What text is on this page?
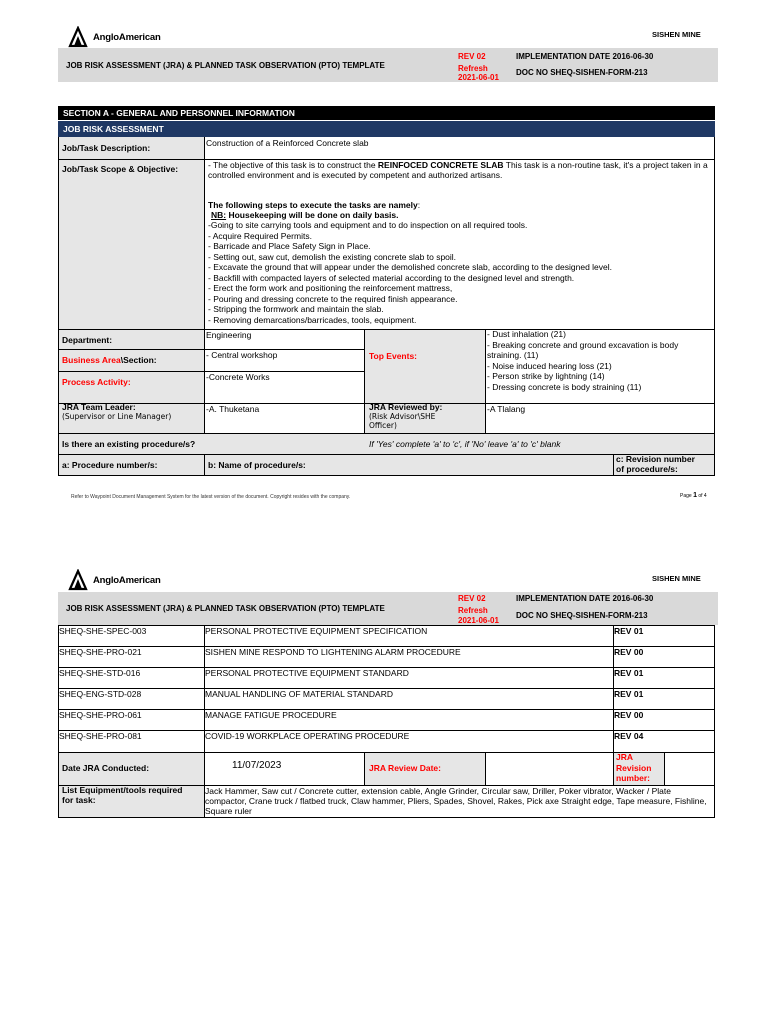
AngloAmerican	SISHEN MINE
JOB RISK ASSESSMENT (JRA) & PLANNED TASK OBSERVATION (PTO) TEMPLATE
REV 02
Refresh
2021-06-01
IMPLEMENTATION DATE 2016-06-30
DOC NO SHEQ-SISHEN-FORM-213
SECTION A - GENERAL AND PERSONNEL INFORMATION
JOB RISK ASSESSMENT
Job/Task Description:	Construction of a Reinforced Concrete slab
Job/Task Scope & Objective:	- The objective of this task is to construct the REINFOCED CONCRETE SLAB This task is a non-routine task, it's a project taken in a controlled environment and is executed by competent and authorized artisans.
The following steps to execute the tasks are namely:
NB: Housekeeping will be done on daily basis.
-Going to site carrying tools and equipment and to do inspection on all required tools.
- Acquire Required Permits.
- Barricade and Place Safety Sign in Place.
- Setting out, saw cut, demolish the existing concrete slab to spoil.
- Excavate the ground that will appear under the demolished concrete slab, according to the designed level.
- Backfill with compacted layers of selected material according to the designed level and strength.
- Erect the form work and positioning the reinforcement mattress,
- Pouring and dressing concrete to the required finish appearance.
- Stripping the formwork and maintain the slab.
- Removing demarcations/barricades, tools, equipment.
Department:	Engineering
Business Area\Section:	- Central workshop
Process Activity:	-Concrete Works
Top Events:
- Dust inhalation (21)
- Breaking concrete and ground excavation is body straining. (11)
- Noise induced hearing loss (21)
- Person strike by lightning (14)
- Dressing concrete is body straining (11)
JRA Team Leader:
(Supervisor or Line Manager)
-A. Thuketana	JRA Reviewed by:
(Risk Advisor\SHE
Officer)
-A Tlalang
Is there an existing procedure/s?	If 'Yes' complete 'a' to 'c', if 'No' leave 'a' to 'c' blank
a: Procedure number/s:	b: Name of procedure/s:
c: Revision number
of procedure/s:
Refer to Waypoint Document Management System for the latest version of the document. Copyright resides with the company.	Page 1 of 4
AngloAmerican	SISHEN MINE
JOB RISK ASSESSMENT (JRA) & PLANNED TASK OBSERVATION (PTO) TEMPLATE
REV 02
Refresh
2021-06-01
IMPLEMENTATION DATE 2016-06-30
DOC NO SHEQ-SISHEN-FORM-213
SHEQ-SHE-SPEC-003	PERSONAL PROTECTIVE EQUIPMENT SPECIFICATION	REV 01
SHEQ-SHE-PRO-021	SISHEN MINE RESPOND TO LIGHTENING ALARM PROCEDURE	REV 00
SHEQ-SHE-STD-016	PERSONAL PROTECTIVE EQUIPMENT STANDARD	REV 01
SHEQ-ENG-STD-028	MANUAL HANDLING OF MATERIAL STANDARD	REV 01
SHEQ-SHE-PRO-061	MANAGE FATIGUE PROCEDURE	REV 00
SHEQ-SHE-PRO-081	COVID-19 WORKPLACE OPERATING PROCEDURE	REV 04
Date JRA Conducted:	11/07/2023	JRA Review Date:
JRA
Revision
number:
List Equipment/tools required
for task:
Jack Hammer, Saw cut / Concrete cutter, extension cable, Angle Grinder, Circular saw, Driller, Poker vibrator, Wacker / Plate compactor, Crane truck / flatbed truck, Claw hammer, Pliers, Spades, Shovel, Rakes, Pick axe Straight edge, Tape measure, Fishline, Square ruler
